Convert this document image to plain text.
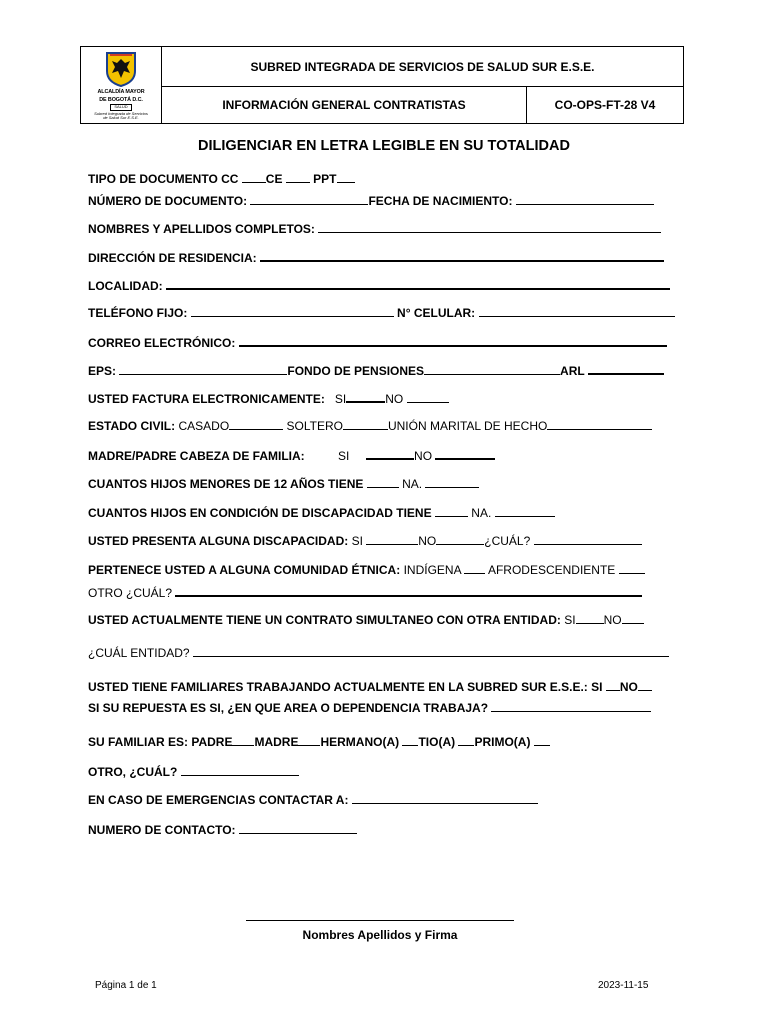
ALCALDÍA MAYOR
DE BOGOTÁ D.C.
SALUD
Subred Integrada de Servicios
de Salud Sur E.S.E.	SUBRED INTEGRADA DE SERVICIOS DE SALUD SUR E.S.E.	
	INFORMACIÓN GENERAL CONTRATISTAS	CO-OPS-FT-28 V4
DILIGENCIAR EN LETRA LEGIBLE EN SU TOTALIDAD
TIPO DE DOCUMENTO CC CE	PPT
NÚMERO DE DOCUMENTO:	FECHA DE NACIMIENTO:
NOMBRES Y APELLIDOS COMPLETOS:
DIRECCIÓN DE RESIDENCIA:
LOCALIDAD:
TELÉFONO FIJO:	N° CELULAR:
CORREO ELECTRÓNICO:
EPS:	FONDO DE PENSIONES	ARL
USTED FACTURA ELECTRONICAMENTE: SI	NO
ESTADO CIVIL: CASADO	SOLTERO	UNIÓN MARITAL DE HECHO
MADRE/PADRE CABEZA DE FAMILIA:	SI	NO
CUANTOS HIJOS MENORES DE 12 AÑOS TIENE	NA.
CUANTOS HIJOS EN CONDICIÓN DE DISCAPACIDAD TIENE	NA.
USTED PRESENTA ALGUNA DISCAPACIDAD: SI	NO	¿CUÁL?
PERTENECE USTED A ALGUNA COMUNIDAD ÉTNICA: INDÍGENA AFRODESCENDIENTE
OTRO ¿CUÁL?
USTED ACTUALMENTE TIENE UN CONTRATO SIMULTANEO CON OTRA ENTIDAD: SI NO
¿CUÁL ENTIDAD?
USTED TIENE FAMILIARES TRABAJANDO ACTUALMENTE EN LA SUBRED SUR E.S.E.: SI NO
SI SU REPUESTA ES SI, ¿EN QUE AREA O DEPENDENCIA TRABAJA?
SU FAMILIAR ES: PADRE MADRE HERMANO(A) TIO(A) PRIMO(A)
OTRO, ¿CUÁL?
EN CASO DE EMERGENCIAS CONTACTAR A:
NUMERO DE CONTACTO:
Nombres Apellidos y Firma
Página 1 de 1	2023-11-15
